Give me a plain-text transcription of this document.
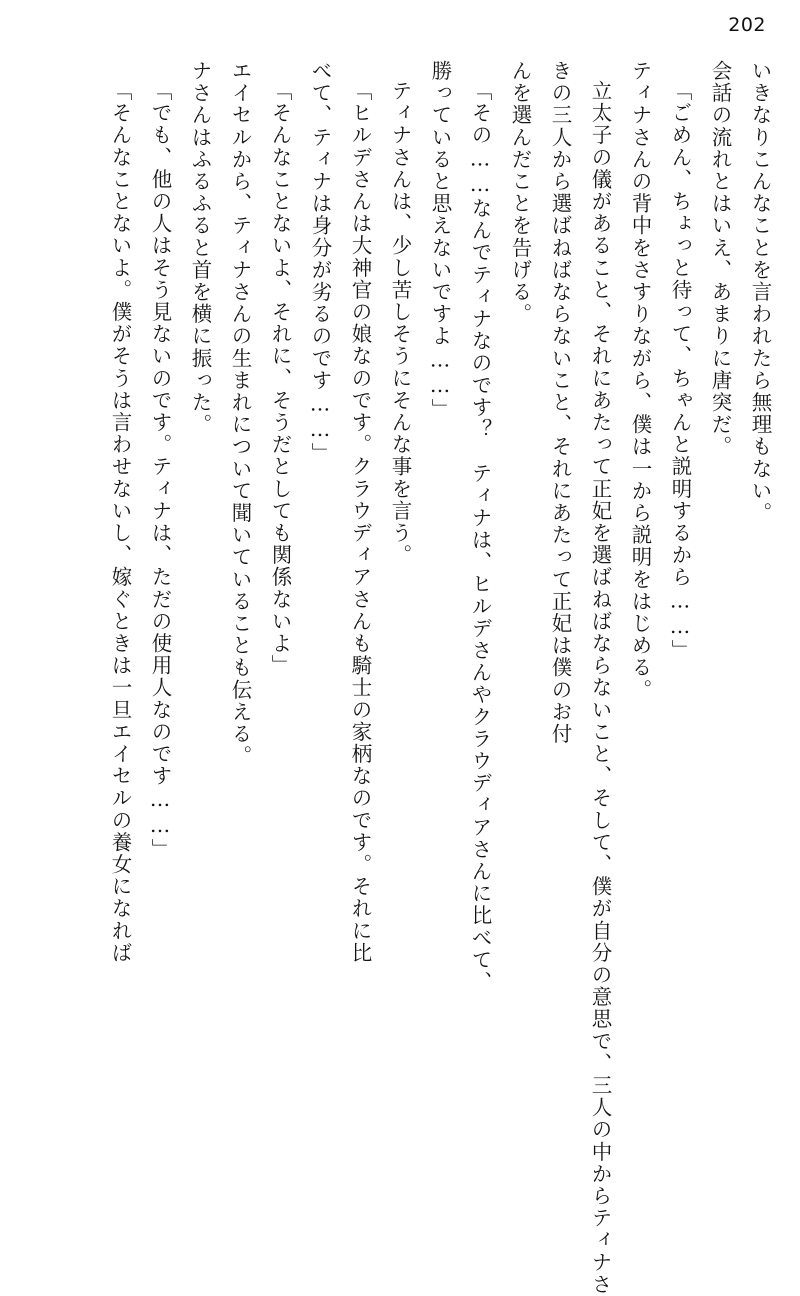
202
いきなりこんなことを言われたら無理もない。
会話の流れとはいえ、あまりに唐突だ。
「ごめん、ちょっと待って、ちゃんと説明するから……」
ティナさんの背中をさすりながら、僕は一から説明をはじめる。
立太子の儀があること、それにあたって正妃を選ばねばならないこと、そして、僕が自分の意思で、三人の中からティナさ
きの三人から選ばねばならないこと、それにあたって正妃は僕のお付
んを選んだことを告げる。
「その……なんでティナなのです？　ティナは、ヒルデさんやクラウディアさんに比べて、
勝っていると思えないですよ……」
ティナさんは、少し苦しそうにそんな事を言う。
「ヒルデさんは大神官の娘なのです。クラウディアさんも騎士の家柄なのです。それに比
べて、ティナは身分が劣るのです……」
「そんなことないよ、それに、そうだとしても関係ないよ」
エイセルから、ティナさんの生まれについて聞いていることも伝える。
ナさんはふるふると首を横に振った。
「でも、他の人はそう見ないのです。ティナは、ただの使用人なのです……」
「そんなことないよ。僕がそうは言わせないし、嫁ぐときは一旦エイセルの養女になれば
